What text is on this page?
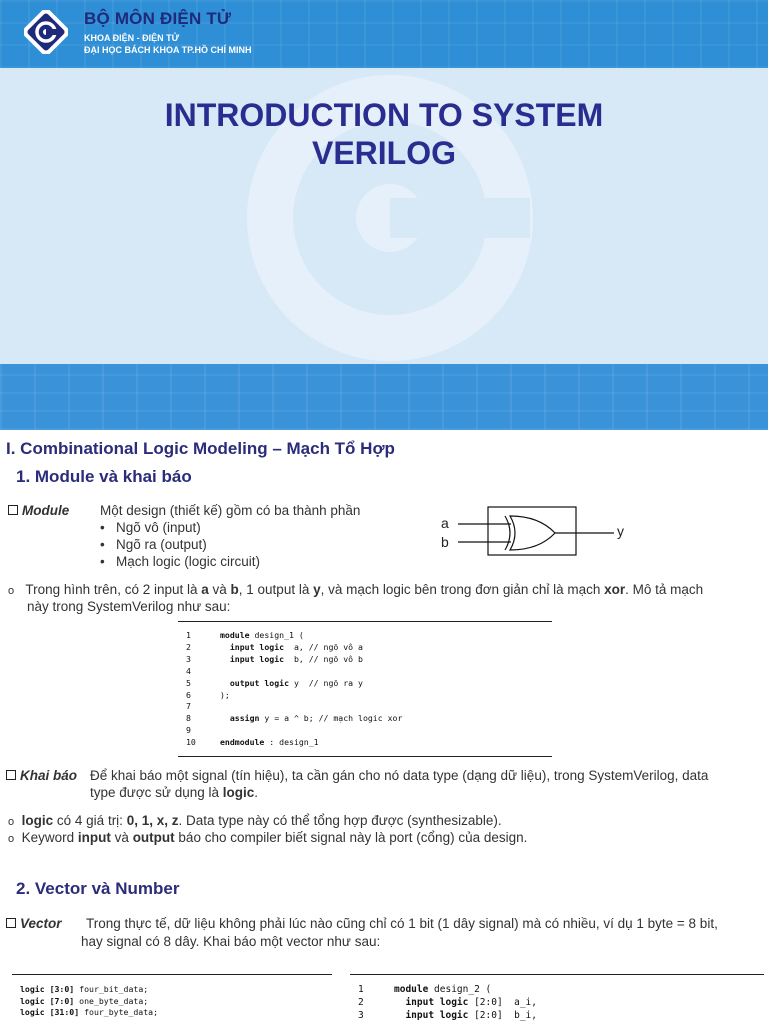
BỘ MÔN ĐIỆN TỬ
KHOA ĐIỆN - ĐIỆN TỬ
ĐẠI HỌC BÁCH KHOA TP.HỒ CHÍ MINH
INTRODUCTION TO SYSTEM
VERILOG
I. Combinational Logic Modeling – Mạch Tổ Hợp
1. Module và khai báo
Module Một design (thiết kế) gồm có ba thành phần
•   Ngõ vô (input)
•   Ngõ ra (output)
•   Mạch logic (logic circuit)
a
b
y
o Trong hình trên, có 2 input là a và b, 1 output là y, và mạch logic bên trong đơn giản chỉ là mạch xor. Mô tả mạch
này trong SystemVerilog như sau:
1	module design_1 (
2	input logic  a, // ngõ vô a
3	input logic  b, // ngõ vô b
4
5	output logic y  // ngõ ra y
6	);
7
8	assign y = a ^ b; // mạch logic xor
9
10	endmodule : design_1
Khai báo Để khai báo một signal (tín hiệu), ta cần gán cho nó data type (dạng dữ liệu), trong SystemVerilog, data
type được sử dụng là logic.
o logic có 4 giá trị: 0, 1, x, z. Data type này có thể tổng hợp được (synthesizable).
o Keyword input và output báo cho compiler biết signal này là port (cổng) của design.
2. Vector và Number
Vector Trong thực tế, dữ liệu không phải lúc nào cũng chỉ có 1 bit (1 dây signal) mà có nhiều, ví dụ 1 byte = 8 bit,
hay signal có 8 dây. Khai báo một vector như sau:
logic [3:0] four_bit_data;
logic [7:0] one_byte_data;
logic [31:0] four_byte_data;
1	module design_2 (
2	input logic [2:0]  a_i,
3	input logic [2:0]  b_i,
